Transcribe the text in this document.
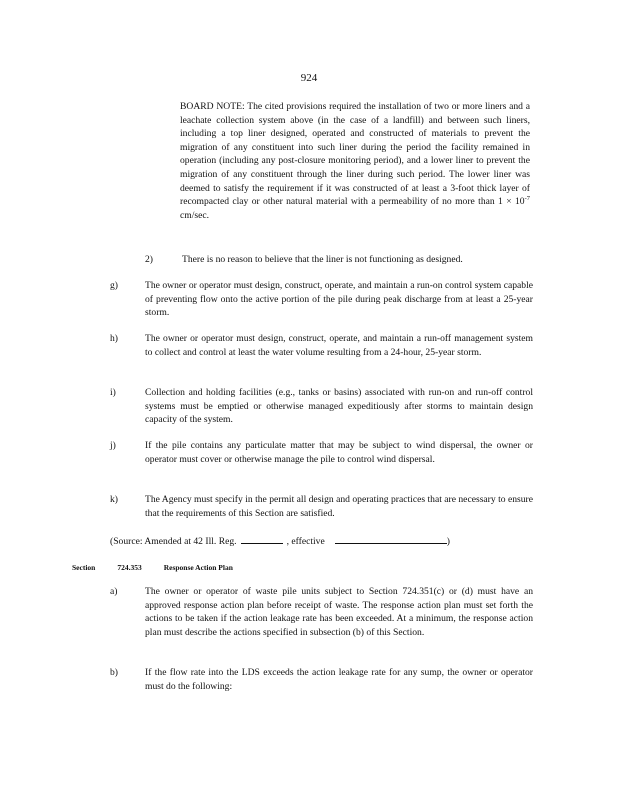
924
BOARD NOTE: The cited provisions required the installation of two or more liners and a leachate collection system above (in the case of a landfill) and between such liners, including a top liner designed, operated and constructed of materials to prevent the migration of any constituent into such liner during the period the facility remained in operation (including any post-closure monitoring period), and a lower liner to prevent the migration of any constituent through the liner during such period. The lower liner was deemed to satisfy the requirement if it was constructed of at least a 3-foot thick layer of recompacted clay or other natural material with a permeability of no more than $1 \times 10^{-7}$ cm/sec.
2)	There is no reason to believe that the liner is not functioning as designed.
g)	The owner or operator must design, construct, operate, and maintain a run-on control system capable of preventing flow onto the active portion of the pile during peak discharge from at least a 25-year storm.
h)	The owner or operator must design, construct, operate, and maintain a run-off management system to collect and control at least the water volume resulting from a 24-hour, 25-year storm.
i)	Collection and holding facilities (e.g., tanks or basins) associated with run-on and run-off control systems must be emptied or otherwise managed expeditiously after storms to maintain design capacity of the system.
j)	If the pile contains any particulate matter that may be subject to wind dispersal, the owner or operator must cover or otherwise manage the pile to control wind dispersal.
k)	The Agency must specify in the permit all design and operating practices that are necessary to ensure that the requirements of this Section are satisfied.
(Source: Amended at 42 Ill. Reg.	, effective	)
Section	724.353	Response Action Plan
a)	The owner or operator of waste pile units subject to Section 724.351(c) or (d) must have an approved response action plan before receipt of waste. The response action plan must set forth the actions to be taken if the action leakage rate has been exceeded. At a minimum, the response action plan must describe the actions specified in subsection (b) of this Section.
b)	If the flow rate into the LDS exceeds the action leakage rate for any sump, the owner or operator must do the following:
